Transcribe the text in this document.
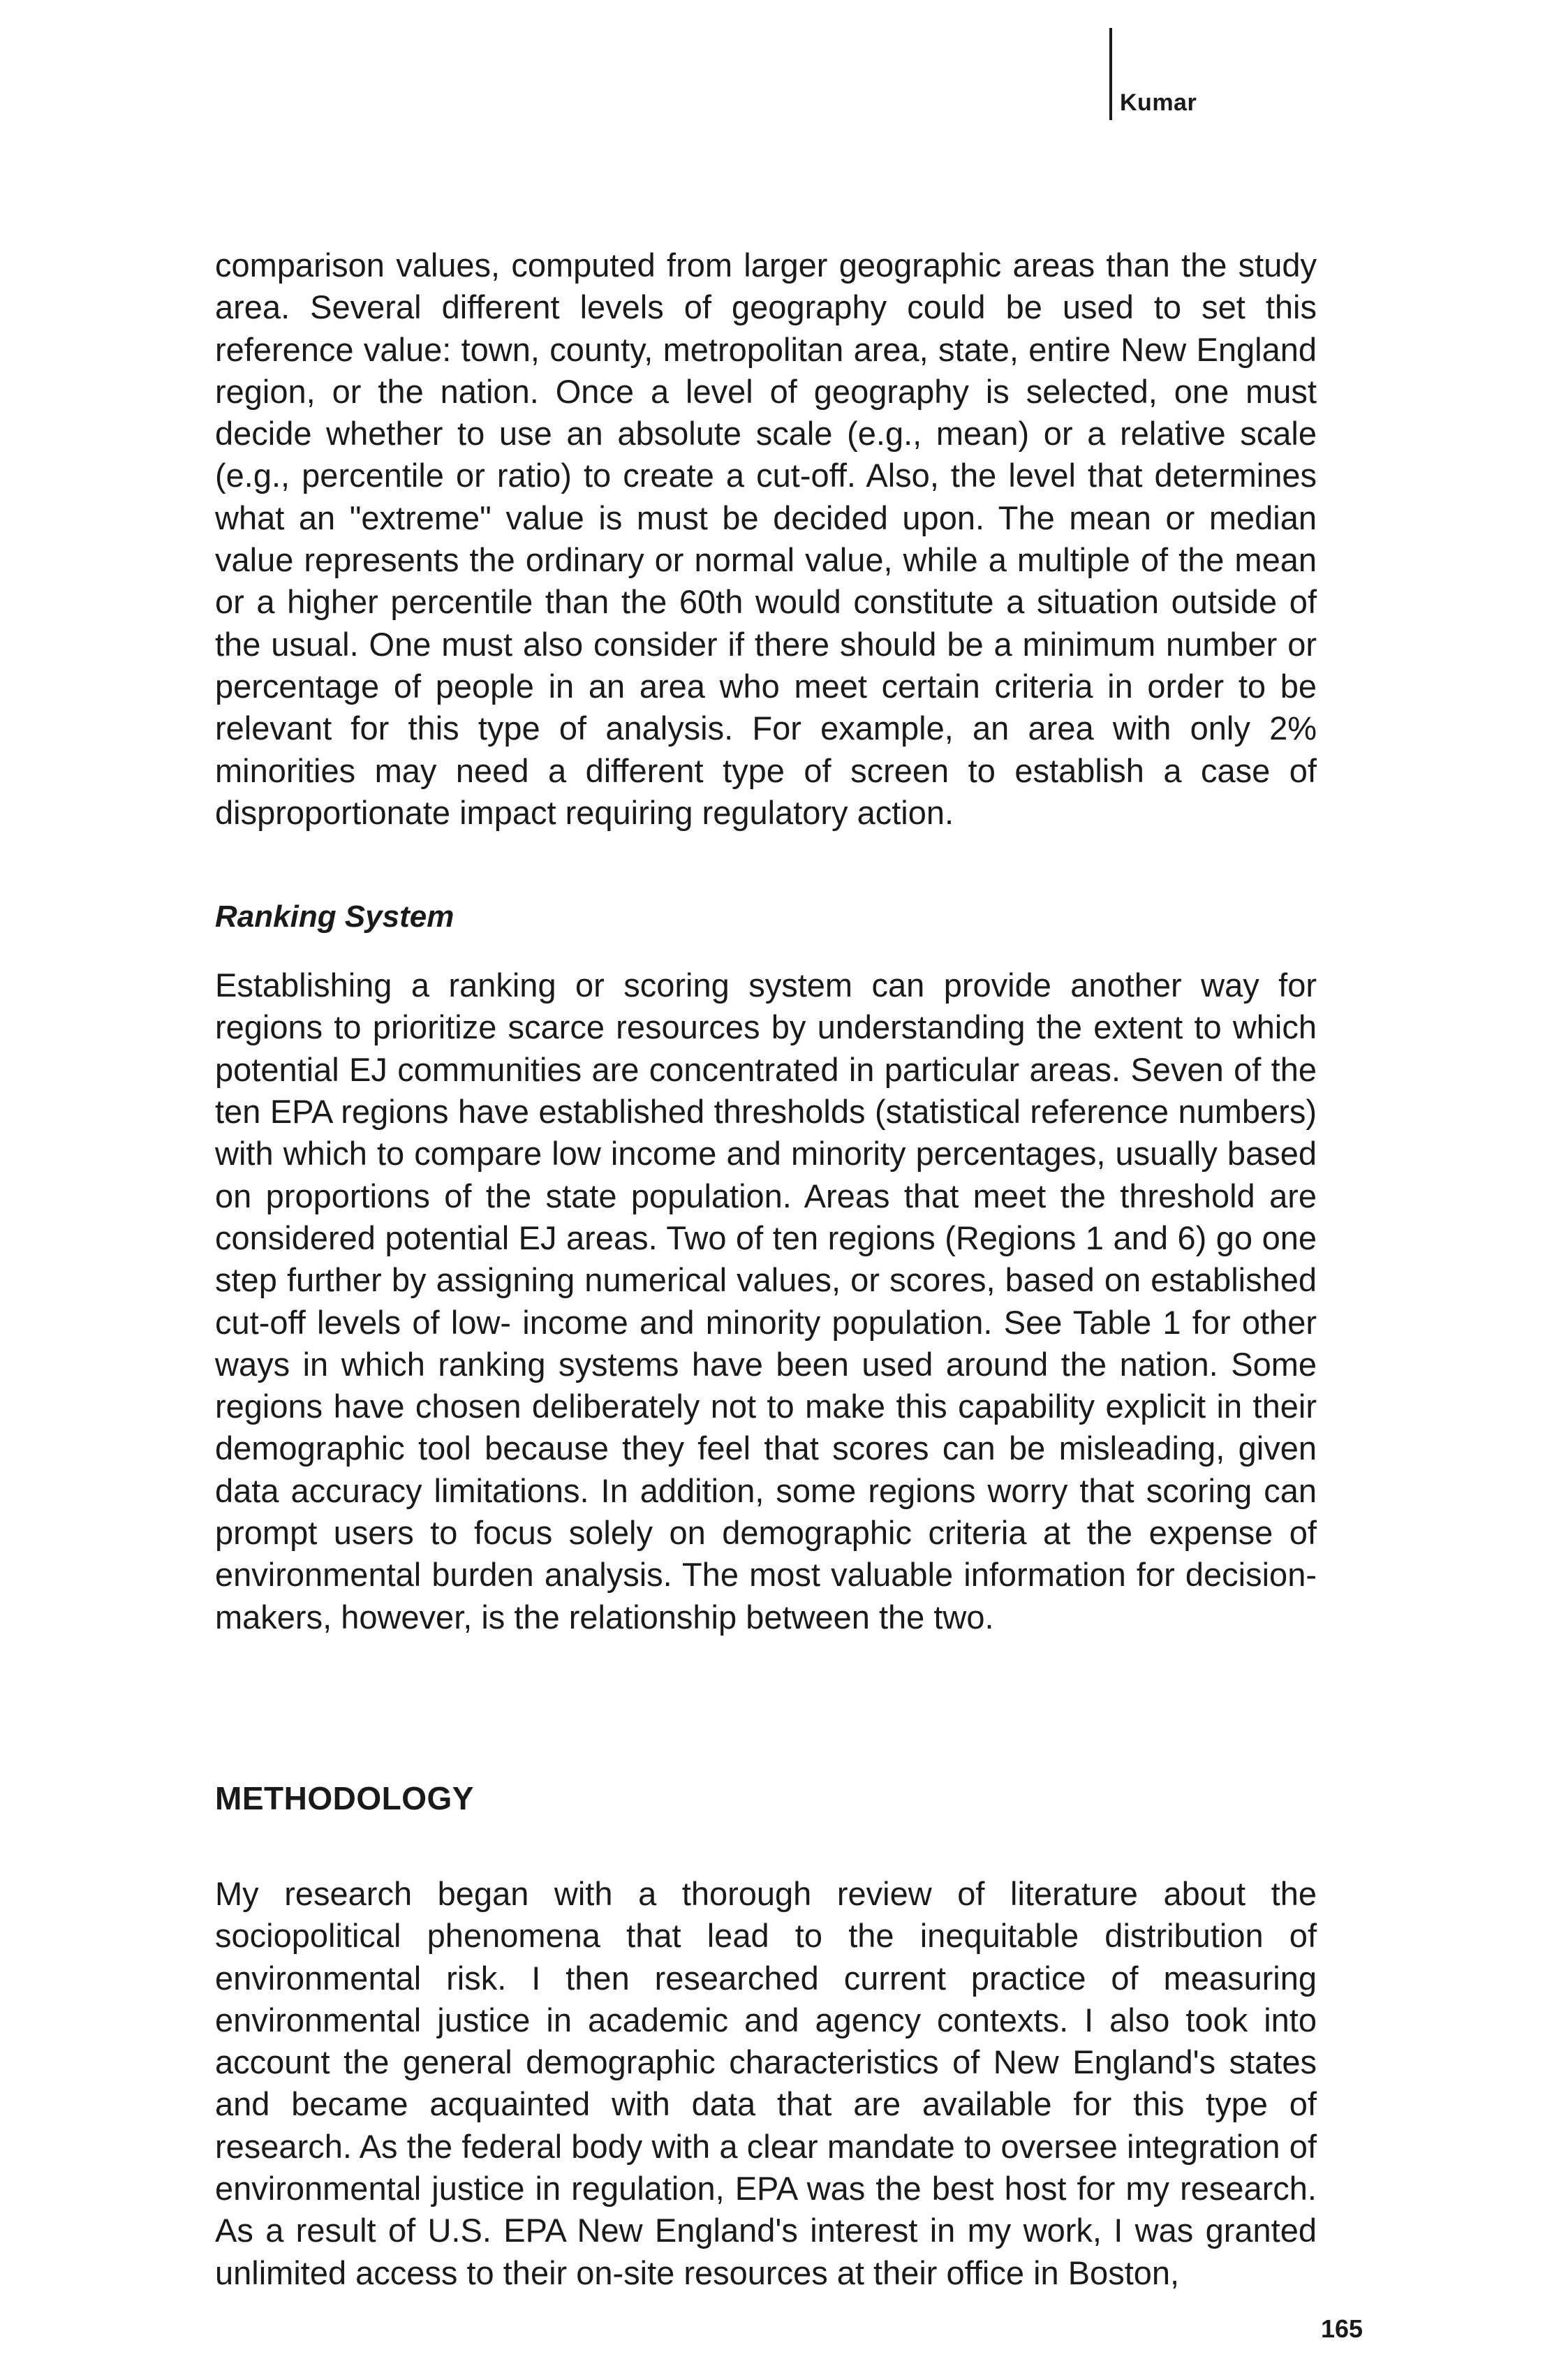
Kumar

comparison values, computed from larger geographic areas than the study area. Several different levels of geography could be used to set this reference value: town, county, metropolitan area, state, entire New England region, or the nation. Once a level of geography is selected, one must decide whether to use an absolute scale (e.g., mean) or a relative scale (e.g., percentile or ratio) to create a cut-off. Also, the level that determines what an "extreme" value is must be decided upon. The mean or median value represents the ordinary or normal value, while a multiple of the mean or a higher percentile than the 60th would constitute a situation outside of the usual. One must also consider if there should be a minimum number or percentage of people in an area who meet certain criteria in order to be relevant for this type of analysis. For example, an area with only 2% minorities may need a different type of screen to establish a case of disproportionate impact requiring regulatory action.

Ranking System

Establishing a ranking or scoring system can provide another way for regions to prioritize scarce resources by understanding the extent to which potential EJ communities are concentrated in particular areas. Seven of the ten EPA regions have established thresholds (statistical reference numbers) with which to compare low income and minority percentages, usually based on proportions of the state population. Areas that meet the threshold are considered potential EJ areas. Two of ten regions (Regions 1 and 6) go one step further by assigning numerical values, or scores, based on established cut-off levels of low- income and minority population. See Table 1 for other ways in which ranking systems have been used around the nation. Some regions have chosen deliberately not to make this capability explicit in their demographic tool because they feel that scores can be misleading, given data accuracy limitations. In addition, some regions worry that scoring can prompt users to focus solely on demographic criteria at the expense of environmental burden analysis. The most valuable information for decision-makers, however, is the relationship between the two.

METHODOLOGY

My research began with a thorough review of literature about the sociopolitical phenomena that lead to the inequitable distribution of environmental risk. I then researched current practice of measuring environmental justice in academic and agency contexts. I also took into account the general demographic characteristics of New England's states and became acquainted with data that are available for this type of research. As the federal body with a clear mandate to oversee integration of environmental justice in regulation, EPA was the best host for my research. As a result of U.S. EPA New England's interest in my work, I was granted unlimited access to their on-site resources at their office in Boston,

165
